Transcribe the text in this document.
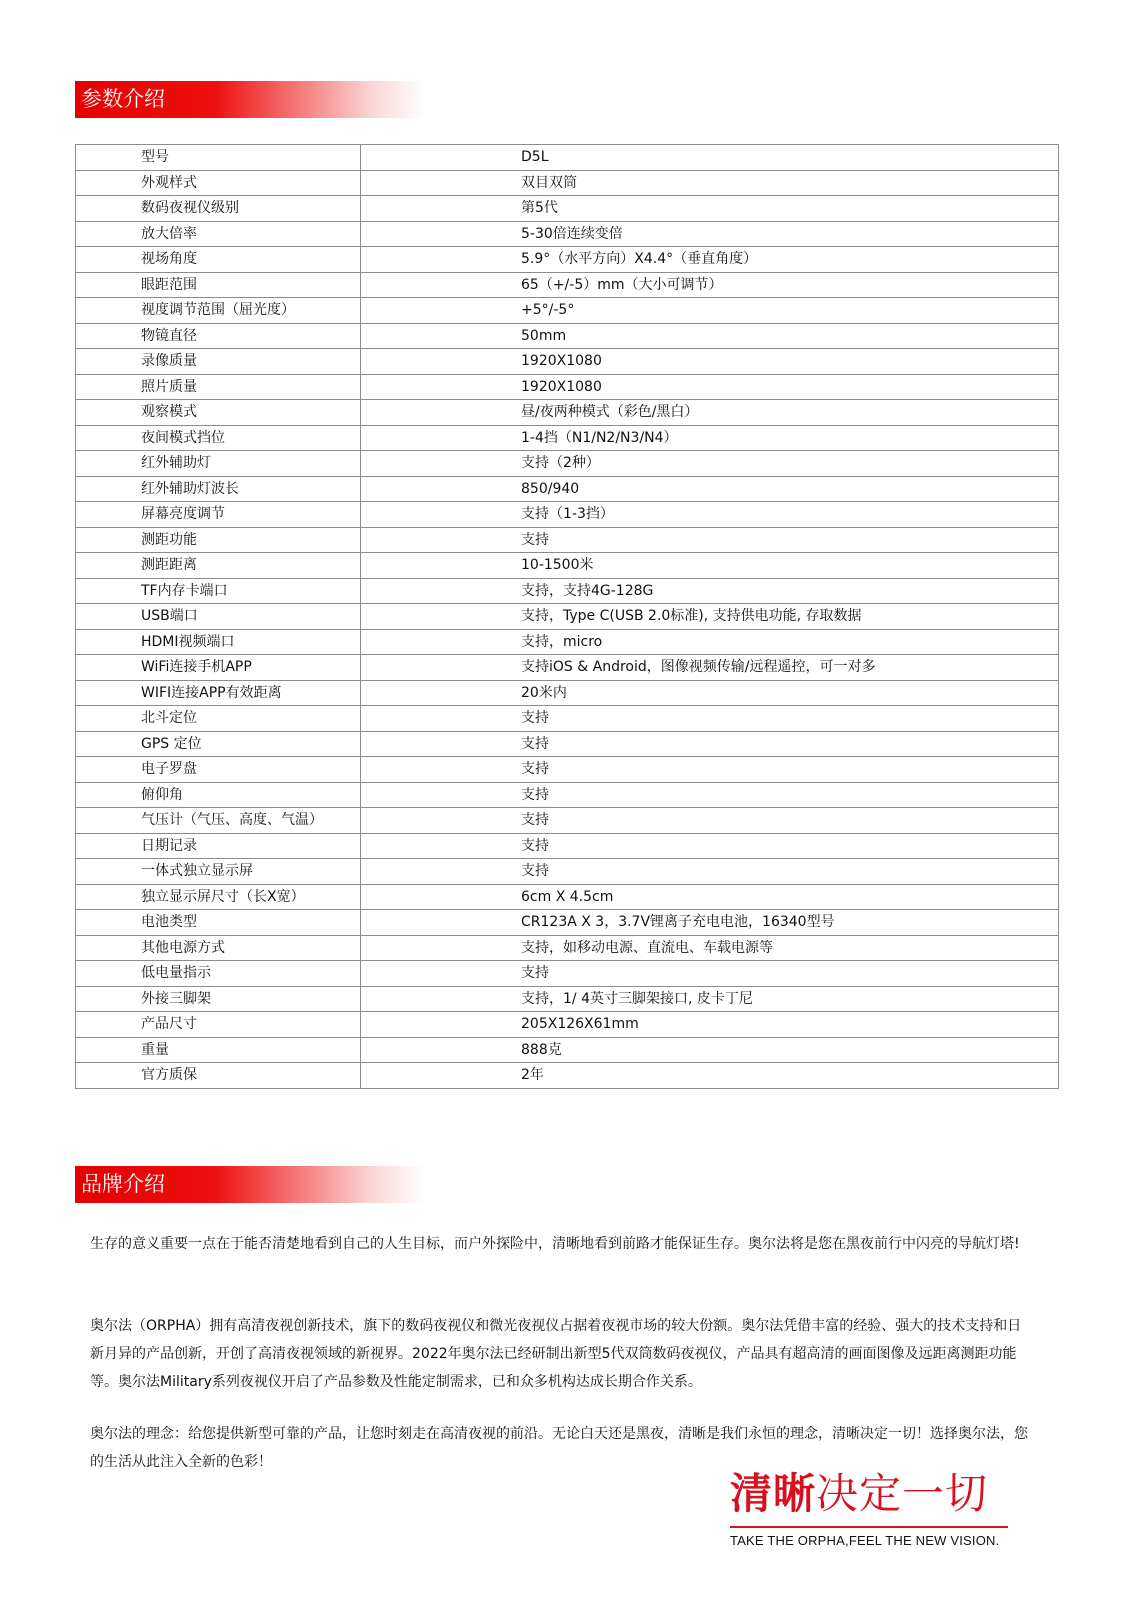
参数介绍
型号	D5L
外观样式	双目双筒
数码夜视仪级别	第5代
放大倍率	5-30倍连续变倍
视场角度	5.9°（水平方向）X4.4°（垂直角度）
眼距范围	65（+/-5）mm（大小可调节）
视度调节范围（屈光度）	+5°/-5°
物镜直径	50mm
录像质量	1920X1080
照片质量	1920X1080
观察模式	昼/夜两种模式（彩色/黑白）
夜间模式挡位	1-4挡（N1/N2/N3/N4）
红外辅助灯	支持（2种）
红外辅助灯波长	850/940
屏幕亮度调节	支持（1-3挡）
测距功能	支持
测距距离	10-1500米
TF内存卡端口	支持，支持4G-128G
USB端口	支持，Type C(USB 2.0标准), 支持供电功能, 存取数据
HDMI视频端口	支持，micro
WiFi连接手机APP	支持iOS & Android，图像视频传输/远程遥控，可一对多
WIFI连接APP有效距离	20米内
北斗定位	支持
GPS 定位	支持
电子罗盘	支持
俯仰角	支持
气压计（气压、高度、气温）	支持
日期记录	支持
一体式独立显示屏	支持
独立显示屏尺寸（长X宽）	6cm X 4.5cm
电池类型	CR123A X 3，3.7V锂离子充电电池，16340型号
其他电源方式	支持，如移动电源、直流电、车载电源等
低电量指示	支持
外接三脚架	支持，1/ 4英寸三脚架接口, 皮卡丁尼
产品尺寸	205X126X61mm
重量	888克
官方质保	2年
品牌介绍
生存的意义重要一点在于能否清楚地看到自己的人生目标，而户外探险中，清晰地看到前路才能保证生存。奥尔法将是您在黑夜前行中闪亮的导航灯塔!
奥尔法（ORPHA）拥有高清夜视创新技术，旗下的数码夜视仪和微光夜视仪占据着夜视市场的较大份额。奥尔法凭借丰富的经验、强大的技术支持和日新月异的产品创新，开创了高清夜视领域的新视界。2022年奥尔法已经研制出新型5代双筒数码夜视仪，产品具有超高清的画面图像及远距离测距功能等。奥尔法Military系列夜视仪开启了产品参数及性能定制需求，已和众多机构达成长期合作关系。
奥尔法的理念：给您提供新型可靠的产品，让您时刻走在高清夜视的前沿。无论白天还是黑夜，清晰是我们永恒的理念，清晰决定一切！选择奥尔法，您的生活从此注入全新的色彩！
清晰决定一切
TAKE THE ORPHA,FEEL THE NEW VISION.
